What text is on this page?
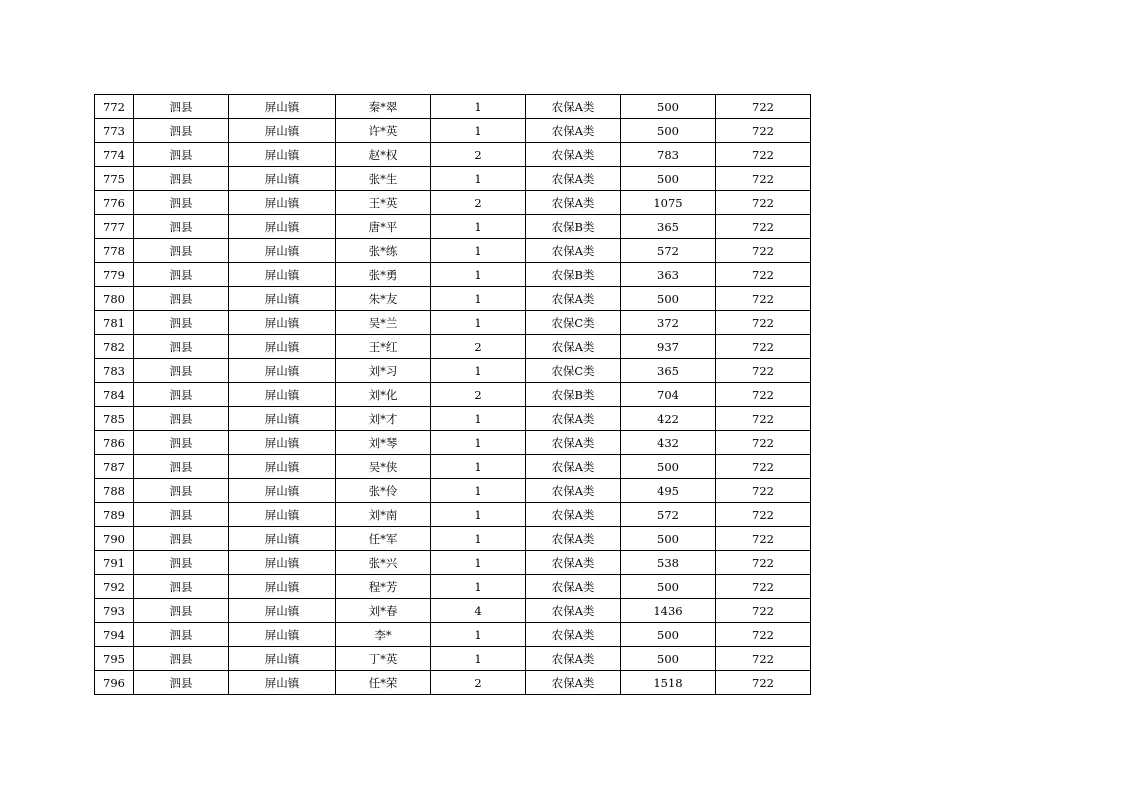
772	泗县	屏山镇	秦*翠	1	农保A类	500	722
773	泗县	屏山镇	许*英	1	农保A类	500	722
774	泗县	屏山镇	赵*权	2	农保A类	783	722
775	泗县	屏山镇	张*生	1	农保A类	500	722
776	泗县	屏山镇	王*英	2	农保A类	1075	722
777	泗县	屏山镇	唐*平	1	农保B类	365	722
778	泗县	屏山镇	张*练	1	农保A类	572	722
779	泗县	屏山镇	张*勇	1	农保B类	363	722
780	泗县	屏山镇	朱*友	1	农保A类	500	722
781	泗县	屏山镇	吴*兰	1	农保C类	372	722
782	泗县	屏山镇	王*红	2	农保A类	937	722
783	泗县	屏山镇	刘*习	1	农保C类	365	722
784	泗县	屏山镇	刘*化	2	农保B类	704	722
785	泗县	屏山镇	刘*才	1	农保A类	422	722
786	泗县	屏山镇	刘*琴	1	农保A类	432	722
787	泗县	屏山镇	吴*侠	1	农保A类	500	722
788	泗县	屏山镇	张*伶	1	农保A类	495	722
789	泗县	屏山镇	刘*南	1	农保A类	572	722
790	泗县	屏山镇	任*军	1	农保A类	500	722
791	泗县	屏山镇	张*兴	1	农保A类	538	722
792	泗县	屏山镇	程*芳	1	农保A类	500	722
793	泗县	屏山镇	刘*春	4	农保A类	1436	722
794	泗县	屏山镇	李*	1	农保A类	500	722
795	泗县	屏山镇	丁*英	1	农保A类	500	722
796	泗县	屏山镇	任*荣	2	农保A类	1518	722
